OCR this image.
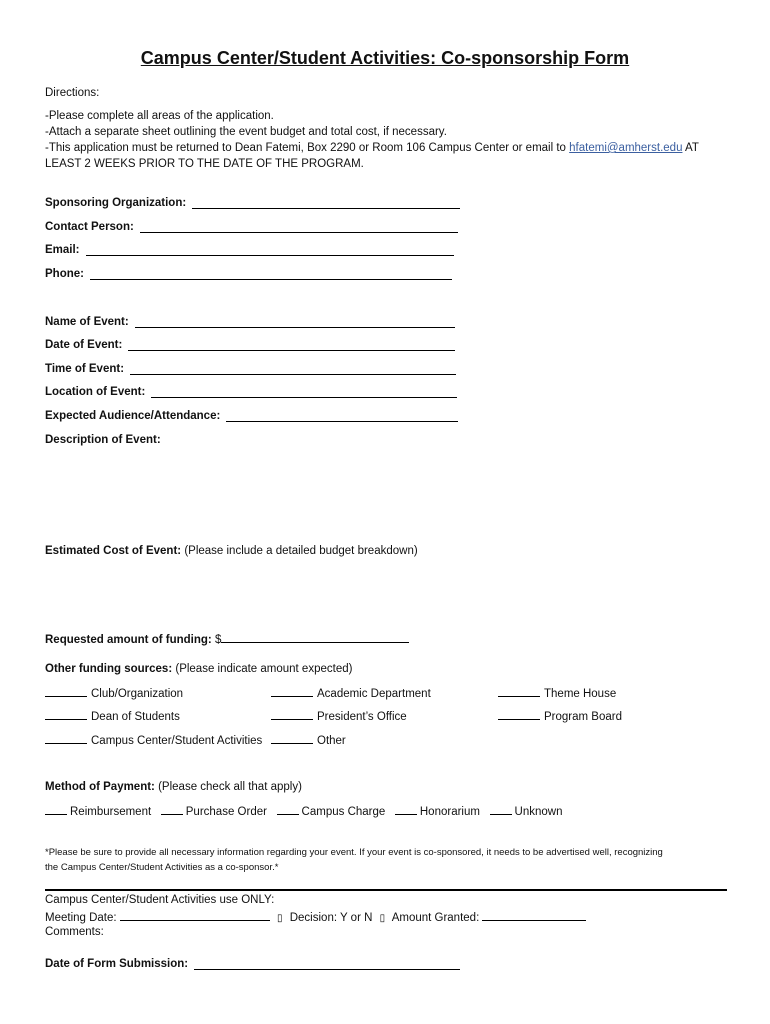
Campus Center/Student Activities: Co-sponsorship Form
Directions:
-Please complete all areas of the application.
-Attach a separate sheet outlining the event budget and total cost, if necessary.
-This application must be returned to Dean Fatemi, Box 2290 or Room 106 Campus Center or email to hfatemi@amherst.edu AT
LEAST 2 WEEKS PRIOR TO THE DATE OF THE PROGRAM.
Sponsoring Organization:
Contact Person:
Email:
Phone:
Name of Event:
Date of Event:
Time of Event:
Location of Event:
Expected Audience/Attendance:
Description of Event:
Estimated Cost of Event: (Please include a detailed budget breakdown)
Requested amount of funding: $
Other funding sources: (Please indicate amount expected)
Club/Organization	Academic Department	Theme House
Dean of Students	President’s Office	Program Board
Campus Center/Student Activities	Other
Method of Payment: (Please check all that apply)
Reimbursement	Purchase Order	Campus Charge	Honorarium	Unknown
*Please be sure to provide all necessary information regarding your event. If your event is co-sponsored, it needs to be advertised well, recognizing
the Campus Center/Student Activities as a co-sponsor.*
Campus Center/Student Activities use ONLY:
Meeting Date:	▯ Decision: Y or N ▯ Amount Granted:
Comments:
Date of Form Submission:
